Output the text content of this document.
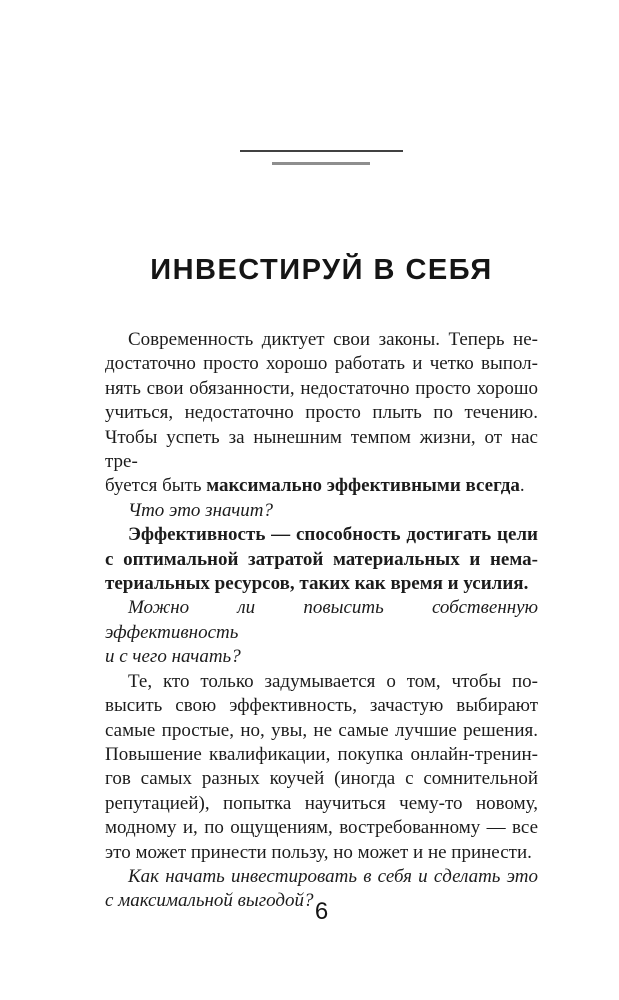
ИНВЕСТИРУЙ В СЕБЯ
Современность диктует свои законы. Теперь не-
достаточно просто хорошо работать и четко выпол-
нять свои обязанности, недостаточно просто хорошо
учиться, недостаточно просто плыть по течению.
Чтобы успеть за нынешним темпом жизни, от нас тре-
буется быть максимально эффективными всегда.
Что это значит?
Эффективность — способность достигать цели
с оптимальной затратой материальных и нема-
териальных ресурсов, таких как время и усилия.
Можно ли повысить собственную эффективность
и с чего начать?
Те, кто только задумывается о том, чтобы по-
высить свою эффективность, зачастую выбирают
самые простые, но, увы, не самые лучшие решения.
Повышение квалификации, покупка онлайн-тренин-
гов самых разных коучей (иногда с сомнительной
репутацией), попытка научиться чему-то новому,
модному и, по ощущениям, востребованному — все
это может принести пользу, но может и не принести.
Как начать инвестировать в себя и сделать это
с максимальной выгодой? 6
